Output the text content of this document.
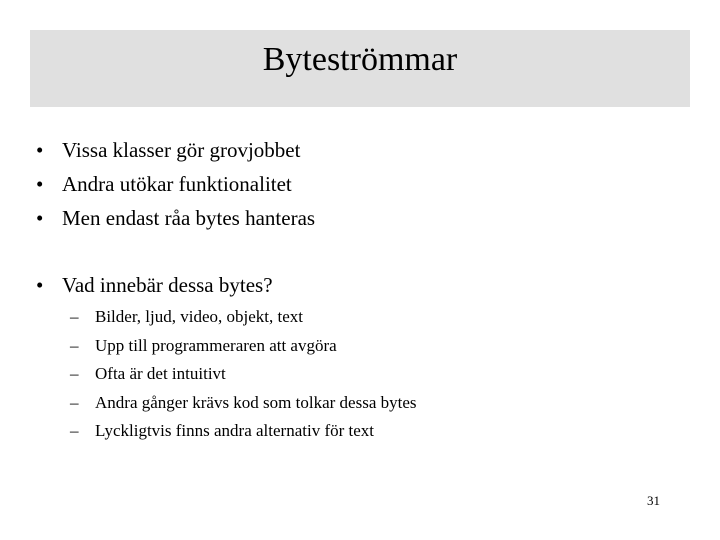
Byteströmmar
• Vissa klasser gör grovjobbet
• Andra utökar funktionalitet
• Men endast råa bytes hanteras
• Vad innebär dessa bytes?
– Bilder, ljud, video, objekt, text
– Upp till programmeraren att avgöra
– Ofta är det intuitivt
– Andra gånger krävs kod som tolkar dessa bytes
– Lyckligtvis finns andra alternativ för text
31
